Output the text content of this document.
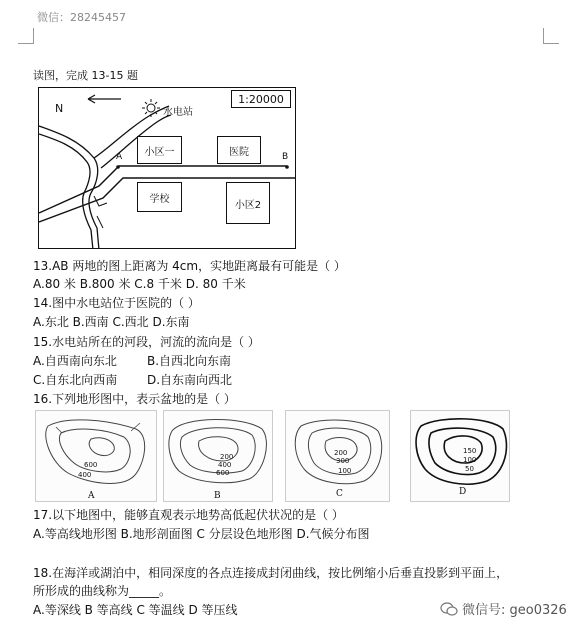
微信：28245457
读图，完成 13-15 题
N	水电站
1:20000
小区一	医院
学校
小区2
A	B
13.AB 两地的图上距离为 4cm，实地距离最有可能是（ ）
A.80 米 B.800 米 C.8 千米 D. 80 千米
14.图中水电站位于医院的（ ）
A.东北 B.西南 C.西北 D.东南
15.水电站所在的河段，河流的流向是（ ）
A.自西南向东北	B.自西北向东南
C.自东北向西南 D.自东南向西北
16.下列地形图中，表示盆地的是（ ）
600
400
A
200
400
600
B
200
300
100
C
150
100
50
D
17.以下地图中，能够直观表示地势高低起伏状况的是（ ）
A.等高线地形图 B.地形剖面图 C 分层设色地形图 D.气候分布图
18.在海洋或湖泊中，相同深度的各点连接成封闭曲线，按比例缩小后垂直投影到平面上，
所形成的曲线称为_____。
A.等深线 B 等高线 C 等温线 D 等压线	微信号: geo0326
